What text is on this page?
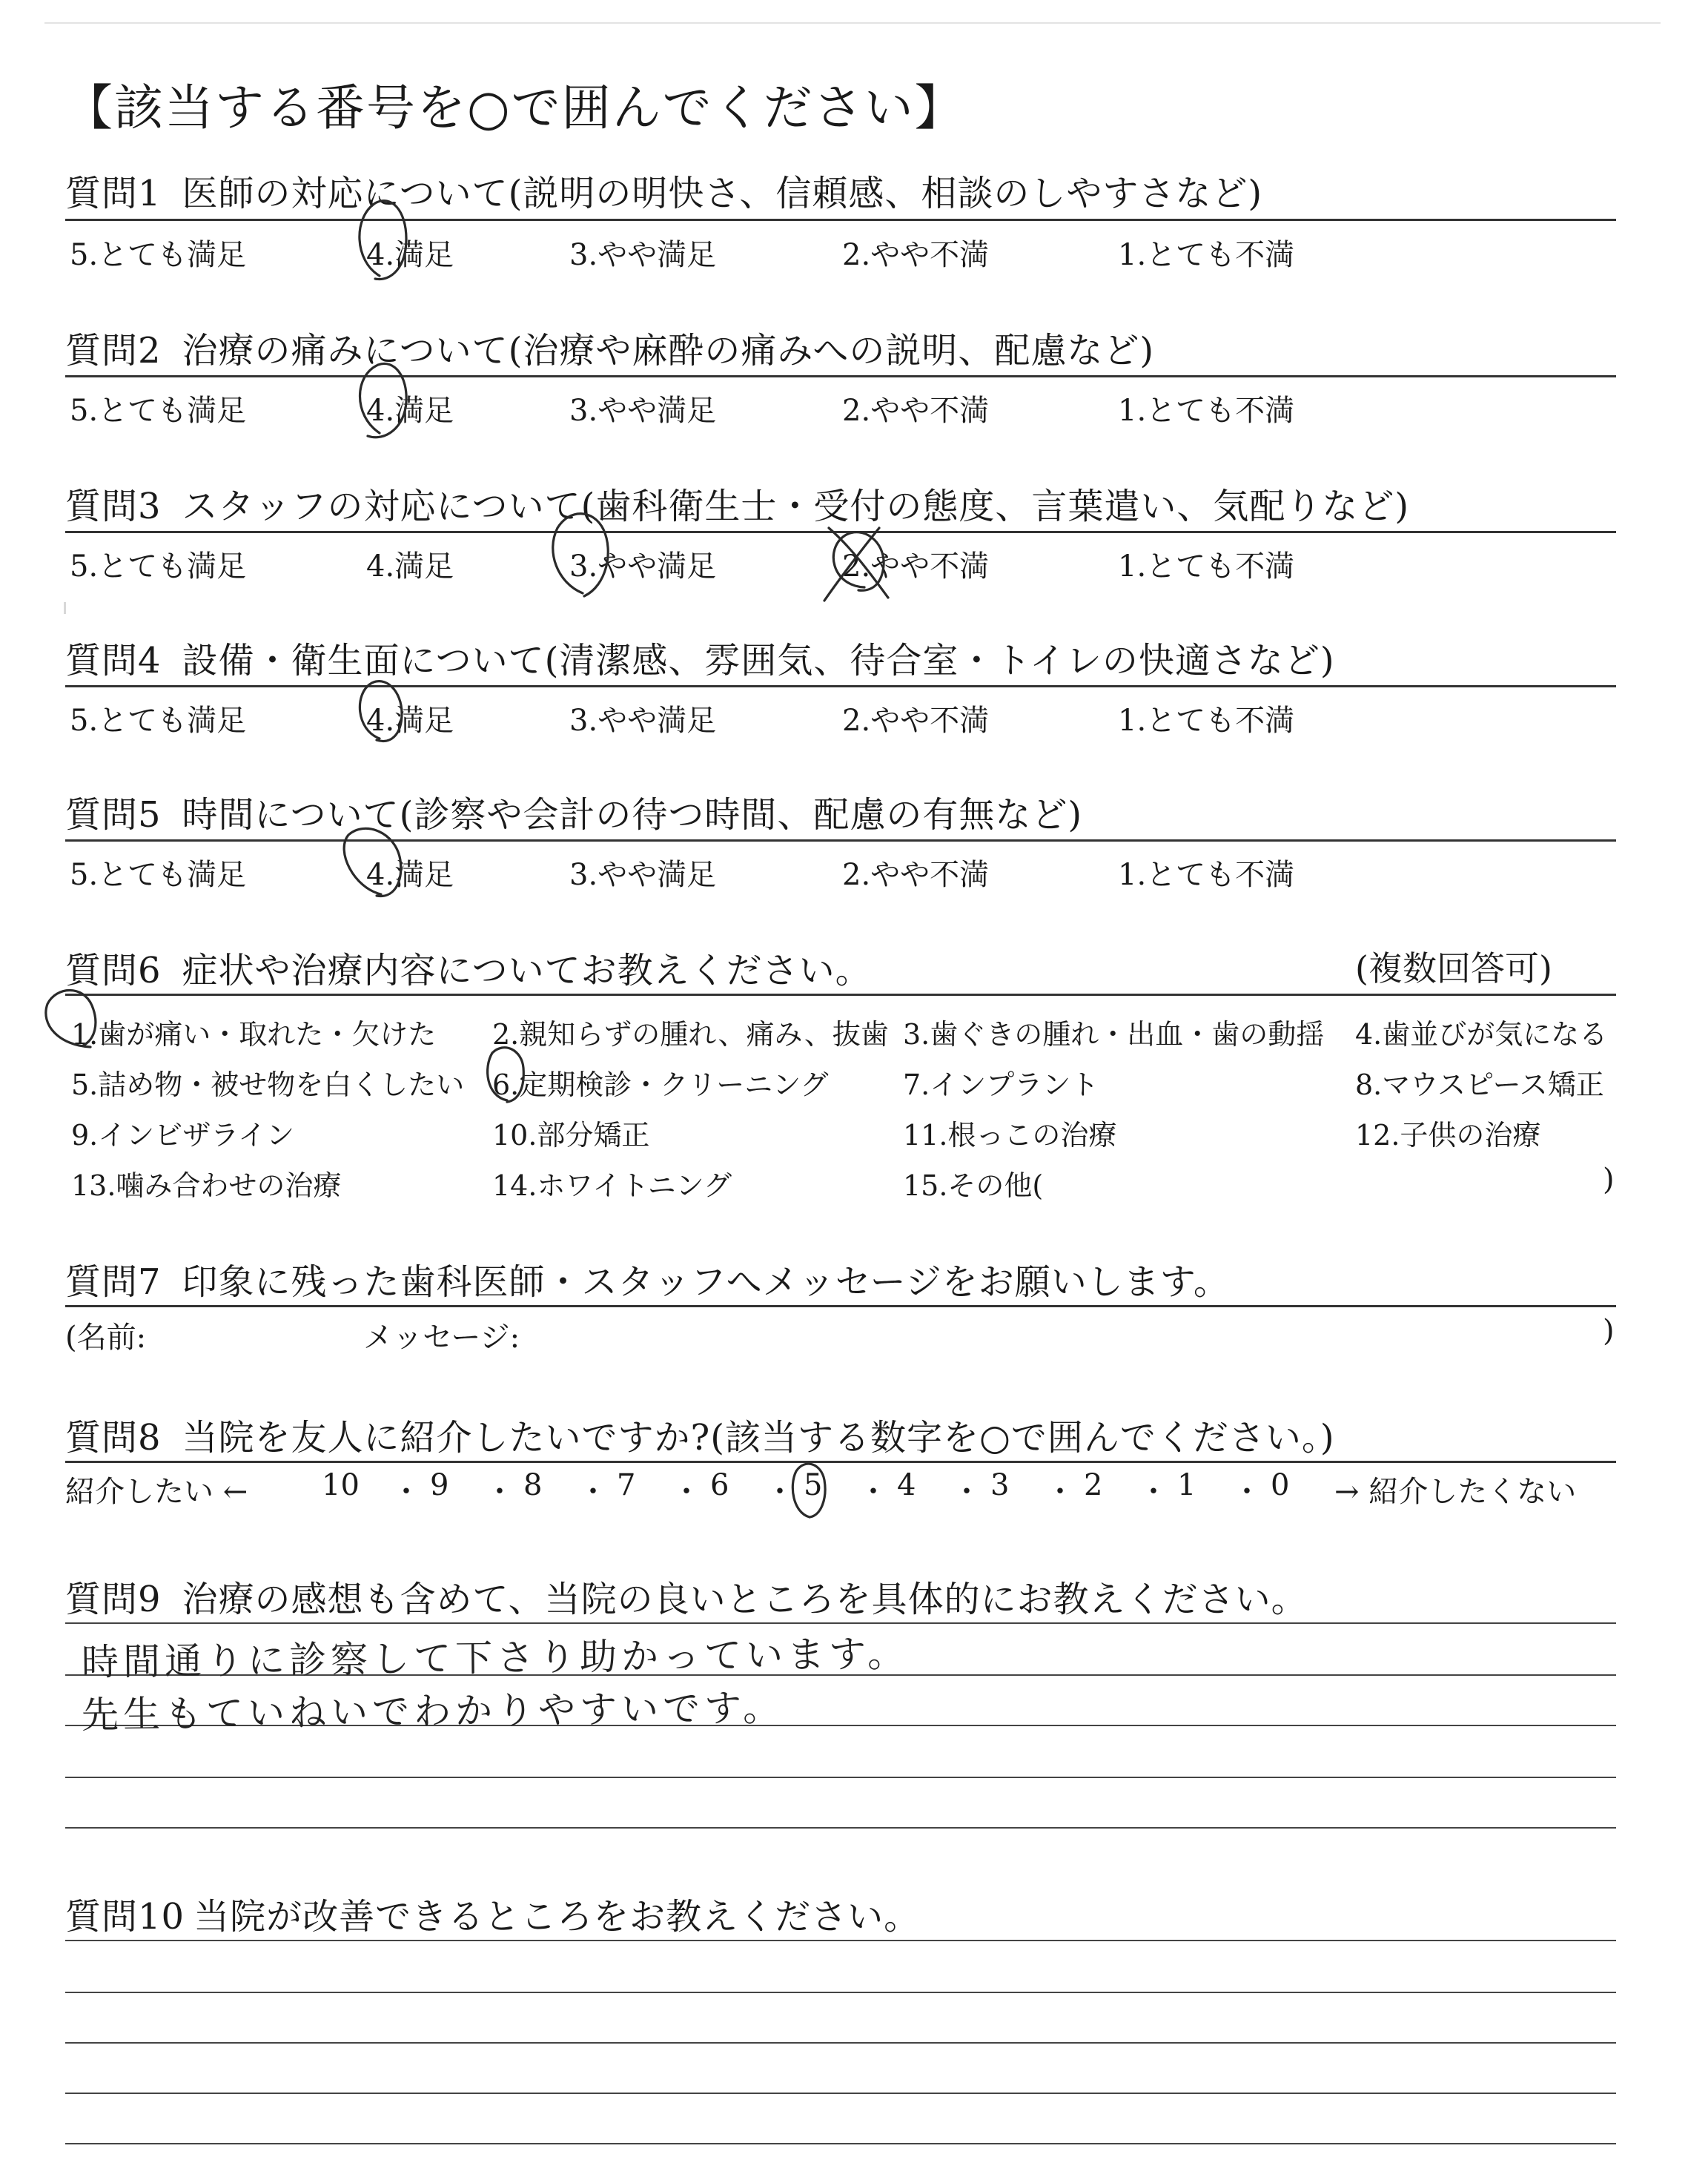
【該当する番号を○で囲んでください】
質問1 医師の対応について(説明の明快さ、信頼感、相談のしやすさなど)
5.とても満足	4.満足	3.やや満足	2.やや不満	1.とても不満
質問2 治療の痛みについて(治療や麻酔の痛みへの説明、配慮など)
5.とても満足	4.満足	3.やや満足	2.やや不満	1.とても不満
質問3 スタッフの対応について(歯科衛生士・受付の態度、言葉遣い、気配りなど)
5.とても満足	4.満足	3.やや満足	2.やや不満	1.とても不満
質問4 設備・衛生面について(清潔感、雰囲気、待合室・トイレの快適さなど)
5.とても満足	4.満足	3.やや満足	2.やや不満	1.とても不満
質問5 時間について(診察や会計の待つ時間、配慮の有無など)
5.とても満足	4.満足	3.やや満足	2.やや不満	1.とても不満
質問6 症状や治療内容についてお教えください。	(複数回答可)
1.歯が痛い・取れた・欠けた 2.親知らずの腫れ、痛み、抜歯 3.歯ぐきの腫れ・出血・歯の動揺 4.歯並びが気になる
5.詰め物・被せ物を白くしたい 6.定期検診・クリーニング	7.インプラント	8.マウスピース矯正
9.インビザライン	10.部分矯正	11.根っこの治療	12.子供の治療
13.噛み合わせの治療	14.ホワイトニング	15.その他(	)
質問7 印象に残った歯科医師・スタッフへメッセージをお願いします。
(名前:	メッセージ:	)
質問8 当院を友人に紹介したいですか?(該当する数字を○で囲んでください。)
紹介したい ← 10 ・ 9 ・ 8 ・ 7 ・ 6 ・ 5 ・ 4 ・ 3 ・ 2 ・ 1 ・ 0 → 紹介したくない
質問9 治療の感想も含めて、当院の良いところを具体的にお教えください。
時間通りに診察して下さり助かっています。
先生もていねいでわかりやすいです。
質問10 当院が改善できるところをお教えください。
